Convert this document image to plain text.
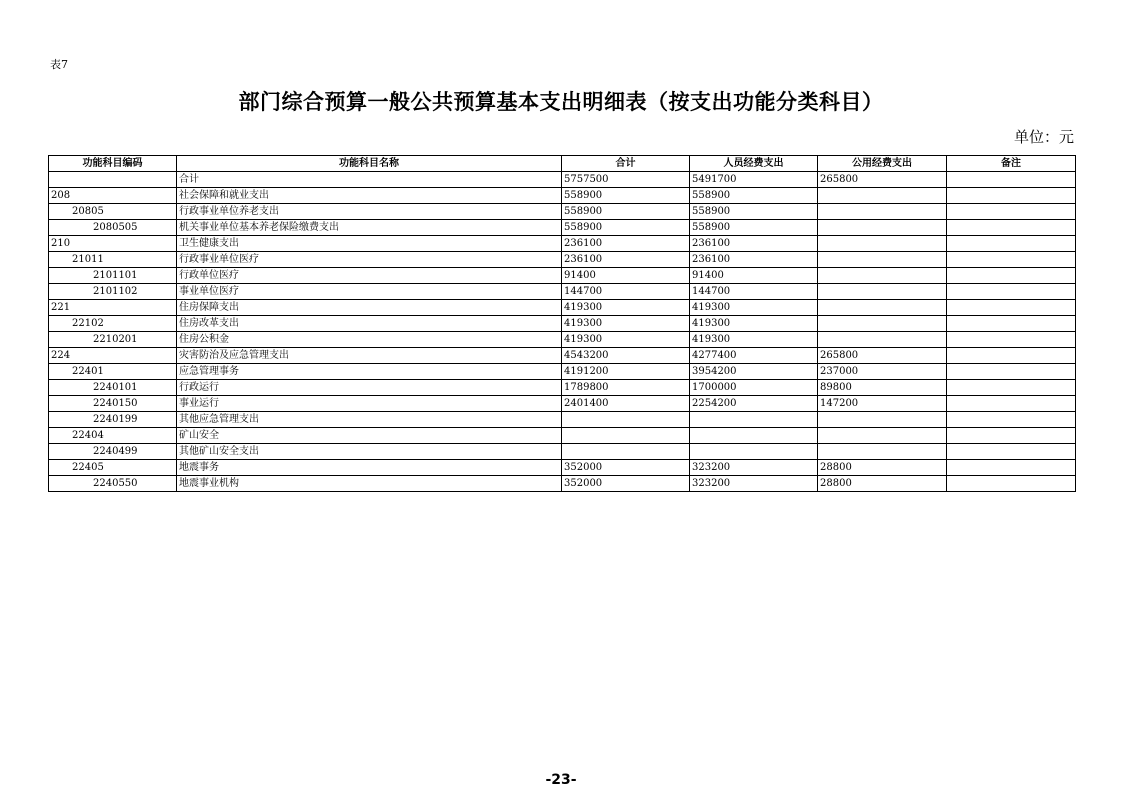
表7
部门综合预算一般公共预算基本支出明细表（按支出功能分类科目）
单位：元
功能科目编码	功能科目名称	合计	人员经费支出	公用经费支出	备注
	合计	5757500	5491700	265800	
208	社会保障和就业支出	558900	558900		
20805	行政事业单位养老支出	558900	558900		
2080505	机关事业单位基本养老保险缴费支出	558900	558900		
210	卫生健康支出	236100	236100		
21011	行政事业单位医疗	236100	236100		
2101101	行政单位医疗	91400	91400		
2101102	事业单位医疗	144700	144700		
221	住房保障支出	419300	419300		
22102	住房改革支出	419300	419300		
2210201	住房公积金	419300	419300		
224	灾害防治及应急管理支出	4543200	4277400	265800	
22401	应急管理事务	4191200	3954200	237000	
2240101	行政运行	1789800	1700000	89800	
2240150	事业运行	2401400	2254200	147200	
2240199	其他应急管理支出				
22404	矿山安全				
2240499	其他矿山安全支出				
22405	地震事务	352000	323200	28800	
2240550	地震事业机构	352000	323200	28800	
-23-
